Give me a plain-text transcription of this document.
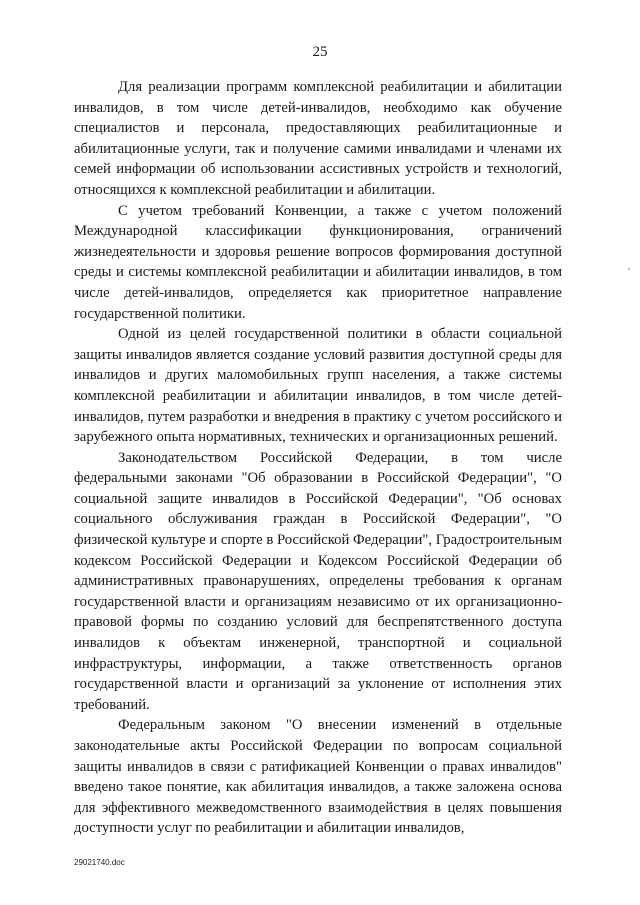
25

Для реализации программ комплексной реабилитации и абилитации инвалидов, в том числе детей-инвалидов, необходимо как обучение специалистов и персонала, предоставляющих реабилитационные и абилитационные услуги, так и получение самими инвалидами и членами их семей информации об использовании ассистивных устройств и технологий, относящихся к комплексной реабилитации и абилитации.

С учетом требований Конвенции, а также с учетом положений Международной классификации функционирования, ограничений жизнедеятельности и здоровья решение вопросов формирования доступной среды и системы комплексной реабилитации и абилитации инвалидов, в том числе детей-инвалидов, определяется как приоритетное направление государственной политики.

Одной из целей государственной политики в области социальной защиты инвалидов является создание условий развития доступной среды для инвалидов и других маломобильных групп населения, а также системы комплексной реабилитации и абилитации инвалидов, в том числе детей-инвалидов, путем разработки и внедрения в практику с учетом российского и зарубежного опыта нормативных, технических и организационных решений.

Законодательством Российской Федерации, в том числе федеральными законами "Об образовании в Российской Федерации", "О социальной защите инвалидов в Российской Федерации", "Об основах социального обслуживания граждан в Российской Федерации", "О физической культуре и спорте в Российской Федерации", Градостроительным кодексом Российской Федерации и Кодексом Российской Федерации об административных правонарушениях, определены требования к органам государственной власти и организациям независимо от их организационно-правовой формы по созданию условий для беспрепятственного доступа инвалидов к объектам инженерной, транспортной и социальной инфраструктуры, информации, а также ответственность органов государственной власти и организаций за уклонение от исполнения этих требований.

Федеральным законом "О внесении изменений в отдельные законодательные акты Российской Федерации по вопросам социальной защиты инвалидов в связи с ратификацией Конвенции о правах инвалидов" введено такое понятие, как абилитация инвалидов, а также заложена основа для эффективного межведомственного взаимодействия в целях повышения доступности услуг по реабилитации и абилитации инвалидов,

29021740.doc
